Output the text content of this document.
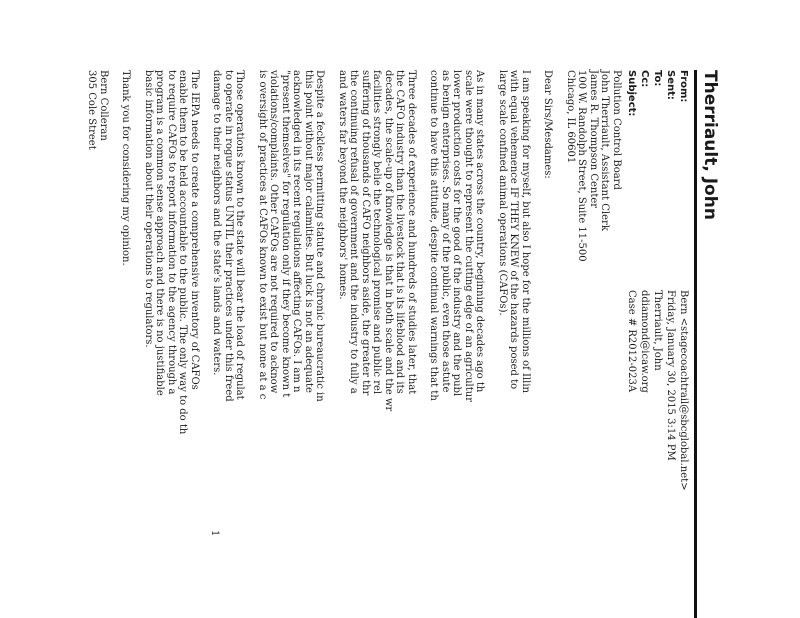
Therriault, John
From:
Bern <stagecoachtrail@sbcglobal.net>
Sent:
Friday, January 30, 2015 3:14 PM
To:
Therriault, John
Cc:
ddiamond@icaw.org
Subject:
Case # R2012-023A
Pollution Control Board
John Therriault, Assistant Clerk
James R. Thompson Center
100 W. Randolph Street, Suite 11-500
Chicago, IL 60601
Dear Sirs/Mesdames:
I am speaking for myself, but also I hope for the millions of Illin
with equal vehemence IF THEY KNEW of the hazards posed to
large scale confined animal operations (CAFOs).
As in many states across the country, beginning decades ago th
scale were thought to represent the cutting edge of an agricultur
lower production costs for the good of the industry and the publ
as benign enterprises. So many of the public, even those astute
continue to have this attitude, despite continual warnings that th
Three decades of experience and hundreds of studies later, that
the CAFO industry than the livestock that is its lifeblood and its
decades, the scale-up of knowledge is that in both scale and the wr
facilities strongly belie the technological promise and public rel
suffering of thousands of CAFO neighbors aside, the greater thr
the continuing refusal of government and the industry to fully a
and waters far beyond the neighbors' homes.
Despite a feckless permitting statute and chronic bureaucratic in
this point without major calamities. But luck is not an adequate
acknowledged in its recent regulations affecting CAFOs. I am n
"present themselves" for regulation only if they become known t
violations/complaints. Other CAFOs are not required to acknow
is oversight of practices at CAFOs known to exist but none at a c
Those operations known to the state will bear the load of regulat
to operate in rogue status UNTIL their practices under this freed
damage to their neighbors and the state's lands and waters.
The IEPA needs to create a comprehensive inventory of CAFOs
enable them to be held accountable to the public. The only way to do th
to require CAFOs to report information to the agency through a
program is a common sense approach and there is no justifiable
basic information about their operations to regulators.
Thank you for considering my opinion.
Bern Colleran
305 Cole Street
1
